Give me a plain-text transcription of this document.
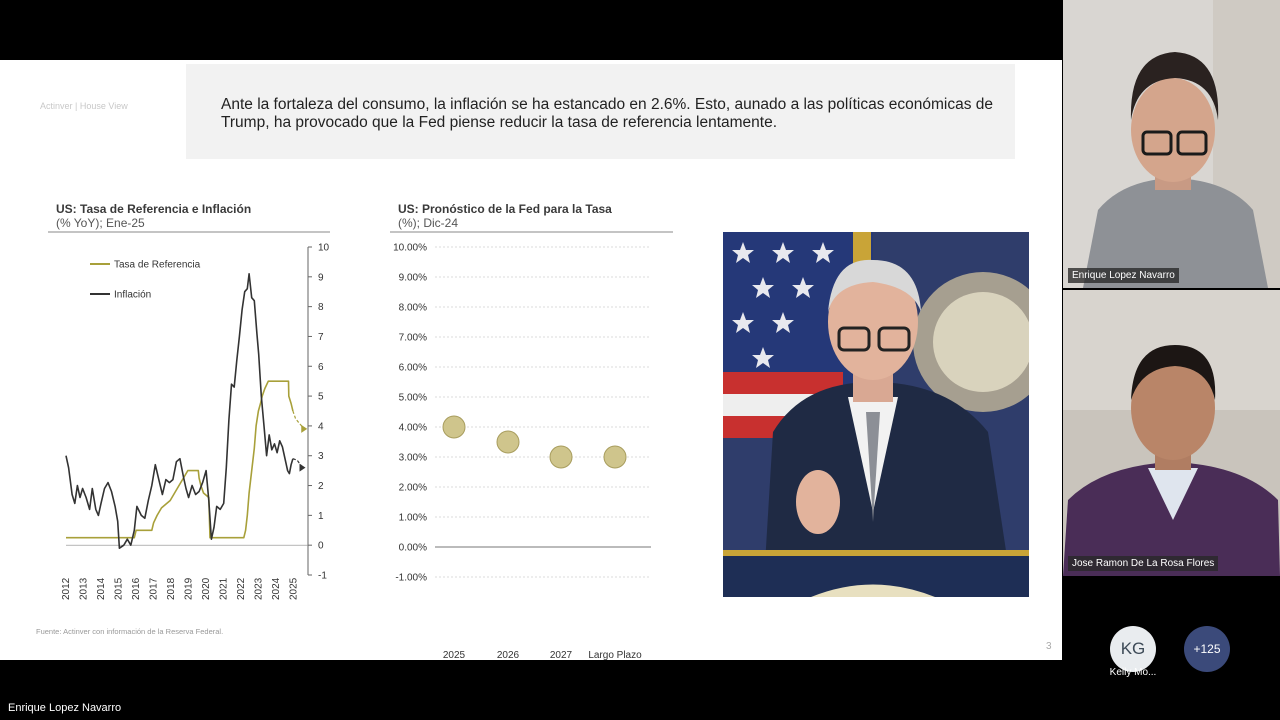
Actinver | House View	Ante la fortaleza del consumo, la inflación se ha estancado en 2.6%. Esto, aunado a las políticas económicas de Trump, ha provocado que la Fed piense reducir la tasa de referencia lentamente.
US: Tasa de Referencia e Inflación
(% YoY); Ene-25
10
9
8
7
6
5
4
3
2
1
0
-1
2012 2013 2014 2015 2016 2017 2018 2019 2020 2021 2022 2023 2024 2025
Tasa de Referencia
Inflación
US: Pronóstico de la Fed para la Tasa
(%); Dic-24
10.00%
9.00%
8.00%
7.00%
6.00%
5.00%
4.00%
3.00%
2.00%
1.00%
0.00%
-1.00%
2025	2026	2027 Largo Plazo
Fuente: Actinver con información de la Reserva Federal.
3
Enrique Lopez Navarro
Jose Ramon De La Rosa Flores
KG
Kelly Mo...
+125
Enrique Lopez Navarro
